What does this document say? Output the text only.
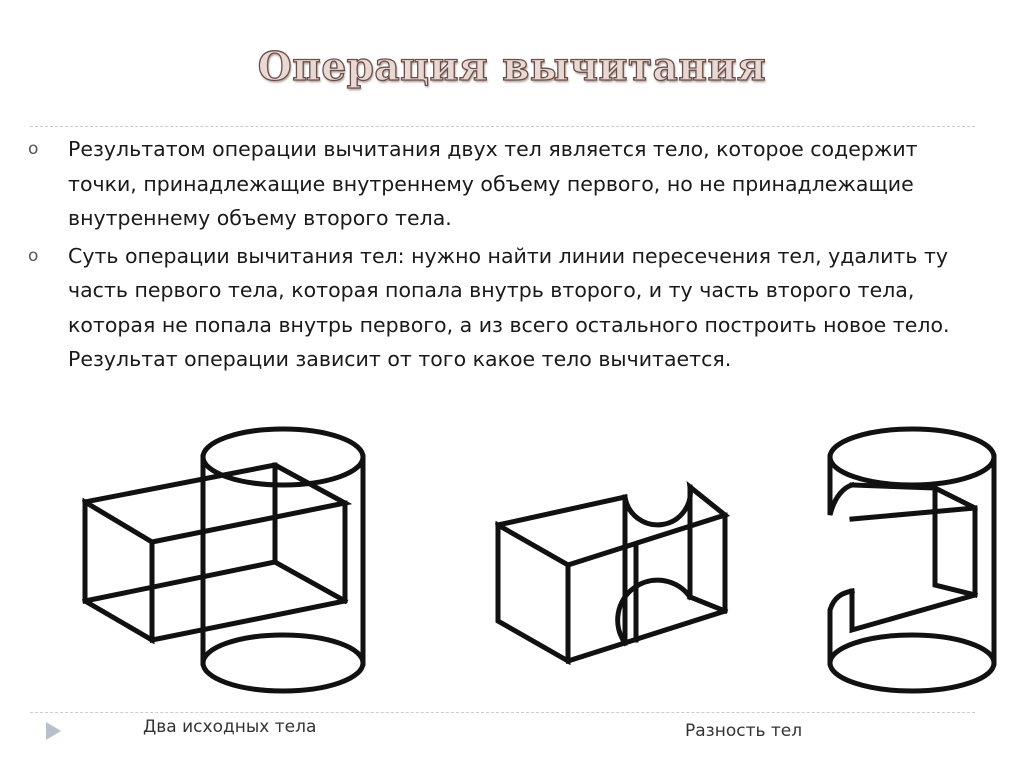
Операция вычитания
o Результатом операции вычитания двух тел является тело, которое содержит точки, принадлежащие внутреннему объему первого, но не принадлежащие внутреннему объему второго тела.
o Суть операции вычитания тел: нужно найти линии пересечения тел, удалить ту часть первого тела, которая попала внутрь второго, и ту часть второго тела, которая не попала внутрь первого, а из всего остального построить новое тело. Результат операции зависит от того какое тело вычитается.
Два исходных тела	Разность тел
